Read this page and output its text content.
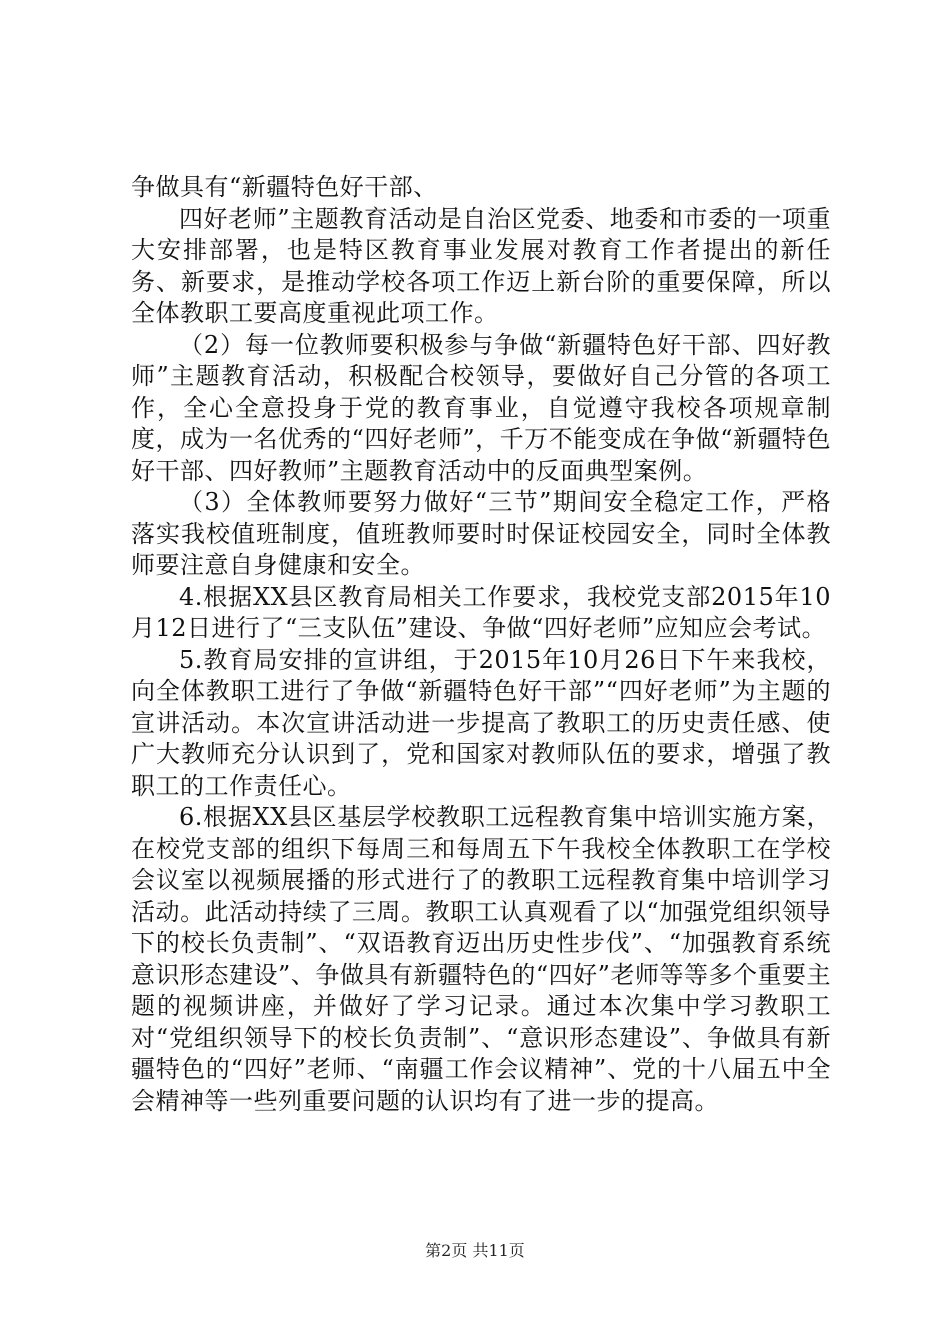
争做具有“新疆特色好干部、

四好老师”主题教育活动是自治区党委、地委和市委的一项重大安排部署，也是特区教育事业发展对教育工作者提出的新任务、新要求，是推动学校各项工作迈上新台阶的重要保障，所以全体教职工要高度重视此项工作。

（2）每一位教师要积极参与争做“新疆特色好干部、四好教师”主题教育活动，积极配合校领导，要做好自己分管的各项工作，全心全意投身于党的教育事业，自觉遵守我校各项规章制度，成为一名优秀的“四好老师”，千万不能变成在争做“新疆特色好干部、四好教师”主题教育活动中的反面典型案例。

（3）全体教师要努力做好“三节”期间安全稳定工作，严格落实我校值班制度，值班教师要时时保证校园安全，同时全体教师要注意自身健康和安全。

4.根据XX县区教育局相关工作要求，我校党支部2015年10月12日进行了“三支队伍”建设、争做“四好老师”应知应会考试。

5.教育局安排的宣讲组，于2015年10月26日下午来我校，向全体教职工进行了争做“新疆特色好干部”“四好老师”为主题的宣讲活动。本次宣讲活动进一步提高了教职工的历史责任感、使广大教师充分认识到了，党和国家对教师队伍的要求，增强了教职工的工作责任心。

6.根据XX县区基层学校教职工远程教育集中培训实施方案，在校党支部的组织下每周三和每周五下午我校全体教职工在学校会议室以视频展播的形式进行了的教职工远程教育集中培训学习活动。此活动持续了三周。教职工认真观看了以“加强党组织领导下的校长负责制”、“双语教育迈出历史性步伐”、“加强教育系统意识形态建设”、争做具有新疆特色的“四好”老师等等多个重要主题的视频讲座，并做好了学习记录。通过本次集中学习教职工对“党组织领导下的校长负责制”、“意识形态建设”、争做具有新疆特色的“四好”老师、“南疆工作会议精神”、党的十八届五中全会精神等一些列重要问题的认识均有了进一步的提高。

第2页 共11页
